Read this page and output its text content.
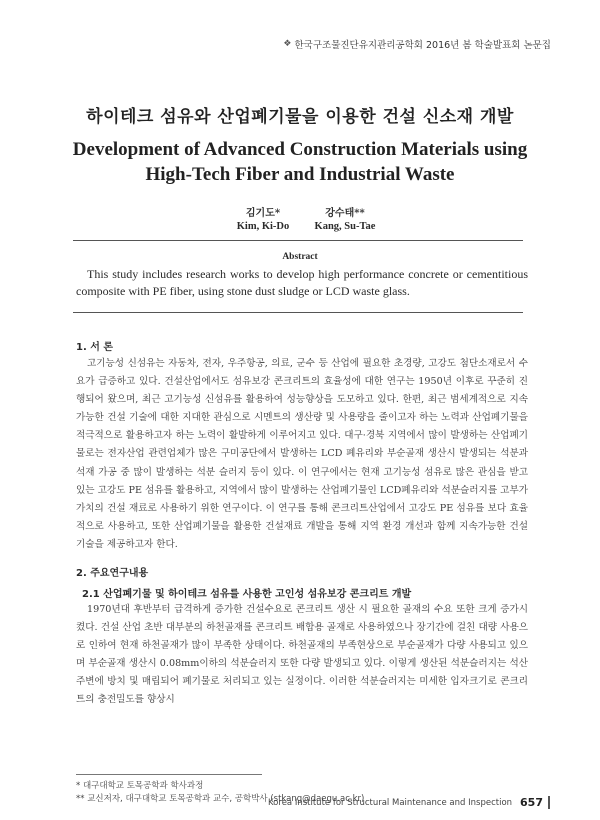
❖ 한국구조물진단유지관리공학회 2016년 봄 학술발표회 논문집
하이테크 섬유와 산업폐기물을 이용한 건설 신소재 개발
Development of Advanced Construction Materials using
High-Tech Fiber and Industrial Waste
김기도*
Kim, Ki-Do
강수태**
Kang, Su-Tae
Abstract
This study includes research works to develop high performance concrete or cementitious composite with PE fiber, using stone dust sludge or LCD waste glass.
1. 서 론
고기능성 신섬유는 자동차, 전자, 우주항공, 의료, 군수 등 산업에 필요한 초경량, 고강도 첨단소재로서 수요가 급증하고 있다. 건설산업에서도 섬유보강 콘크리트의 효율성에 대한 연구는 1950년 이후로 꾸준히 진행되어 왔으며, 최근 고기능성 신섬유를 활용하여 성능향상을 도모하고 있다. 한편, 최근 범세계적으로 지속가능한 건설 기술에 대한 지대한 관심으로 시멘트의 생산량 및 사용량을 줄이고자 하는 노력과 산업폐기물을 적극적으로 활용하고자 하는 노력이 활발하게 이루어지고 있다. 대구·경북 지역에서 많이 발생하는 산업폐기물로는 전자산업 관련업체가 많은 구미공단에서 발생하는 LCD 폐유리와 부순골재 생산시 발생되는 석분과 석재 가공 중 많이 발생하는 석분 슬러지 등이 있다. 이 연구에서는 현재 고기능성 섬유로 많은 관심을 받고 있는 고강도 PE 섬유를 활용하고, 지역에서 많이 발생하는 산업폐기물인 LCD폐유리와 석분슬러지를 고부가가치의 건설 재료로 사용하기 위한 연구이다. 이 연구를 통해 콘크리트산업에서 고강도 PE 섬유를 보다 효율적으로 사용하고, 또한 산업폐기물을 활용한 건설재료 개발을 통해 지역 환경 개선과 함께 지속가능한 건설 기술을 제공하고자 한다.
2. 주요연구내용
2.1 산업폐기물 및 하이테크 섬유를 사용한 고인성 섬유보강 콘크리트 개발
1970년대 후반부터 급격하게 증가한 건설수요로 콘크리트 생산 시 필요한 골재의 수요 또한 크게 증가시켰다. 건설 산업 초반 대부분의 하천골재를 콘크리트 배합용 골재로 사용하였으나 장기간에 걸친 대량 사용으로 인하여 현재 하천골재가 많이 부족한 상태이다. 하천골재의 부족현상으로 부순골재가 다량 사용되고 있으며 부순골재 생산시 0.08mm이하의 석분슬러지 또한 다량 발생되고 있다. 이렇게 생산된 석분슬러지는 석산 주변에 방치 및 매립되어 폐기물로 처리되고 있는 실정이다. 이러한 석분슬러지는 미세한 입자크기로 콘크리트의 충전밀도를 향상시
* 대구대학교 토목공학과 학사과정
** 교신저자, 대구대학교 토목공학과 교수, 공학박사 (stkang@daegu.ac.kr)
Korea Institute for Structural Maintenance and Inspection 657
